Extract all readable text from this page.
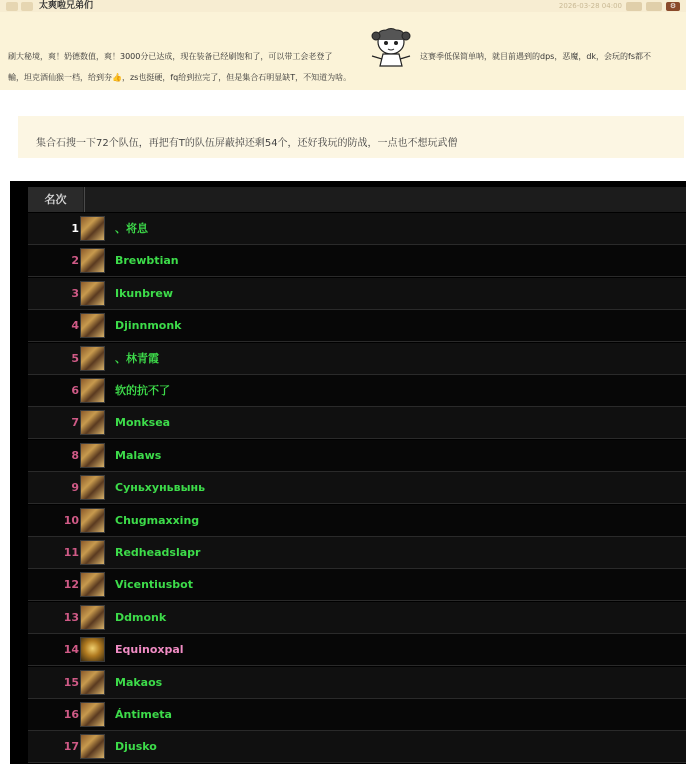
太爽啦兄弟们	2026-03-28 04:00	⚙
刷大秘境，爽！奶德数值，爽！3000分已达成，现在装备已经刷饱和了，可以带工会老登了	这赛季低保简单呐，就目前遇到的dps，恶魔，dk，会玩的fs都不
輸，坦克酒仙猴一档，给到夯👍，zs也挺硬，fq给到拉完了，但是集合石明显缺T，不知道为啥。
集合石搜一下72个队伍，再把有T的队伍屏蔽掉还剩54个，还好我玩的防战，一点也不想玩武僧
名次
1	、将息
2	Brewbtian
3	Ikunbrew
4	Djinnmonk
5	、林青霞
6	软的抗不了
7	Monksea
8	Malaws
9	Суньхуньвынь
10	Chugmaxxing
11	Redheadslapr
12	Vicentiusbot
13	Ddmonk
14	Equinoxpal
15	Makaos
16	Ántimeta
17	Djusko
